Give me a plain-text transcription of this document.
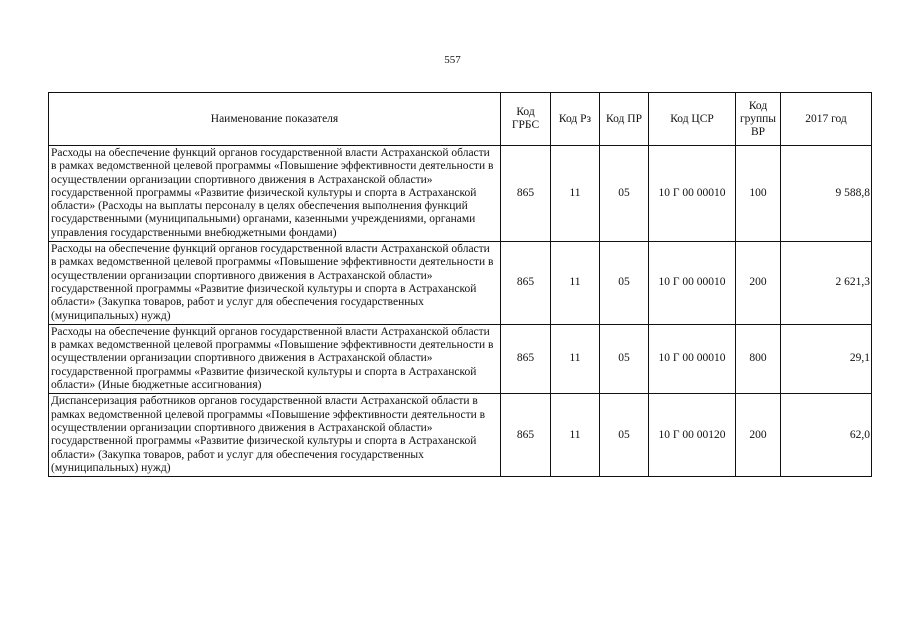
557
Наименование показателя	Код ГРБС	Код Рз	Код ПР	Код ЦСР	Код группы ВР	2017 год
Расходы на обеспечение функций органов государственной власти Астраханской области в рамках ведомственной целевой программы «Повышение эффективности деятельности в осуществлении организации спортивного движения в Астраханской области» государственной программы «Развитие физической культуры и спорта в Астраханской области» (Расходы на выплаты персоналу в целях обеспечения выполнения функций государственными (муниципальными) органами, казенными учреждениями, органами управления государственными внебюджетными фондами)	865	11	05	10 Г 00 00010	100	9 588,8
Расходы на обеспечение функций органов государственной власти Астраханской области в рамках ведомственной целевой программы «Повышение эффективности деятельности в осуществлении организации спортивного движения в Астраханской области» государственной программы «Развитие физической культуры и спорта в Астраханской области» (Закупка товаров, работ и услуг для обеспечения государственных (муниципальных) нужд)	865	11	05	10 Г 00 00010	200	2 621,3
Расходы на обеспечение функций органов государственной власти Астраханской области в рамках ведомственной целевой программы «Повышение эффективности деятельности в осуществлении организации спортивного движения в Астраханской области» государственной программы «Развитие физической культуры и спорта в Астраханской области» (Иные бюджетные ассигнования)	865	11	05	10 Г 00 00010	800	29,1
Диспансеризация работников органов государственной власти Астраханской области в рамках ведомственной целевой программы «Повышение эффективности деятельности в осуществлении организации спортивного движения в Астраханской области» государственной программы «Развитие физической культуры и спорта в Астраханской области» (Закупка товаров, работ и услуг для обеспечения государственных (муниципальных) нужд)	865	11	05	10 Г 00 00120	200	62,0
